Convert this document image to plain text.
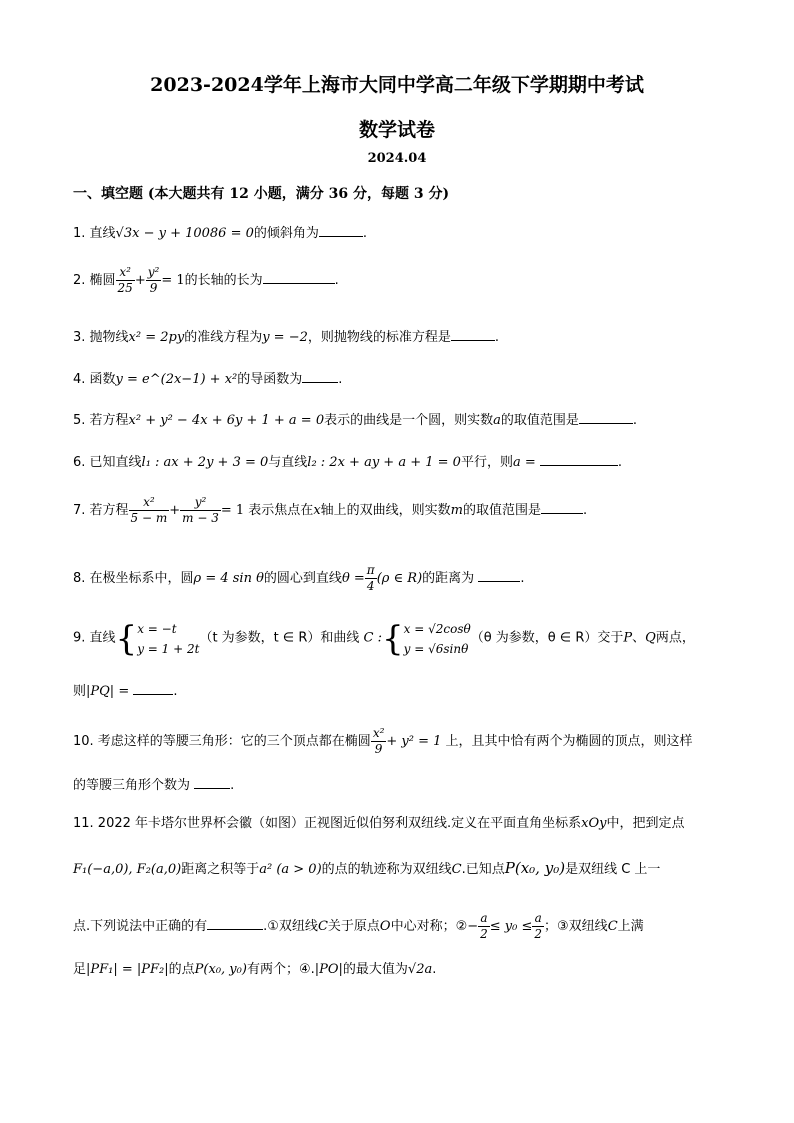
2023-2024学年上海市大同中学高二年级下学期期中考试
数学试卷
2024.04
一、填空题 (本大题共有 12 小题，满分 36 分，每题 3 分)
1. 直线√3x − y + 10086 = 0的倾斜角为	.
2. 椭圆 $\frac{\text{x²}}{25} + \frac{\text{y²}}{9} = 1$的长轴的长为	.
3. 抛物线x² = 2py的准线方程为y = −2，则抛物线的标准方程是	.
4. 函数y = e^(2x−1) + x²的导函数为	.
5. 若方程x² + y² − 4x + 6y + 1 + a = 0表示的曲线是一个圆，则实数a的取值范围是	.
6. 已知直线l₁ : ax + 2y + 3 = 0与直线l₂ : 2x + ay + a + 1 = 0平行，则a =	.
7. 若方程 $\frac{\text{x²}}{5 - m} + \frac{\text{y²}}{m - 3} = 1$ 表示焦点在x轴上的双曲线，则实数m的取值范围是	.
8. 在极坐标系中，圆ρ = 4 sin θ的圆心到直线$\theta = \frac{\pi}{4} (\rho$ ∈ R)的距离为	.
9. 直线{ x = −t
y = 1 + 2t
（t 为参数，t ∈ R）和曲线 C :{ x = √2cosθ
y = √6sinθ
（θ 为参数，θ ∈ R）交于P、Q两点，
则|PQ| =	.
10. 考虑这样的等腰三角形：它的三个顶点都在椭圆 $\frac{\text{x²}}{9} + y^2 = 1$ 上，且其中恰有两个为椭圆的顶点，则这样
的等腰三角形个数为	.
11. 2022 年卡塔尔世界杯会徽（如图）正视图近似伯努利双纽线.定义在平面直角坐标系xOy中，把到定点
F₁(−a,0), F₂(a,0)距离之积等于a² (a > 0)的点的轨迹称为双纽线C.已知点P(x₀, y₀)是双纽线 C 上一
点.下列说法中正确的有	.①双纽线C关于原点O中心对称；②− $\frac{a}{2} \le y_0 \le \frac{a}{2}$ ；③双纽线C上满
足|PF₁| = |PF₂|的点P(x₀, y₀)有两个；④.|PO|的最大值为√2a.
